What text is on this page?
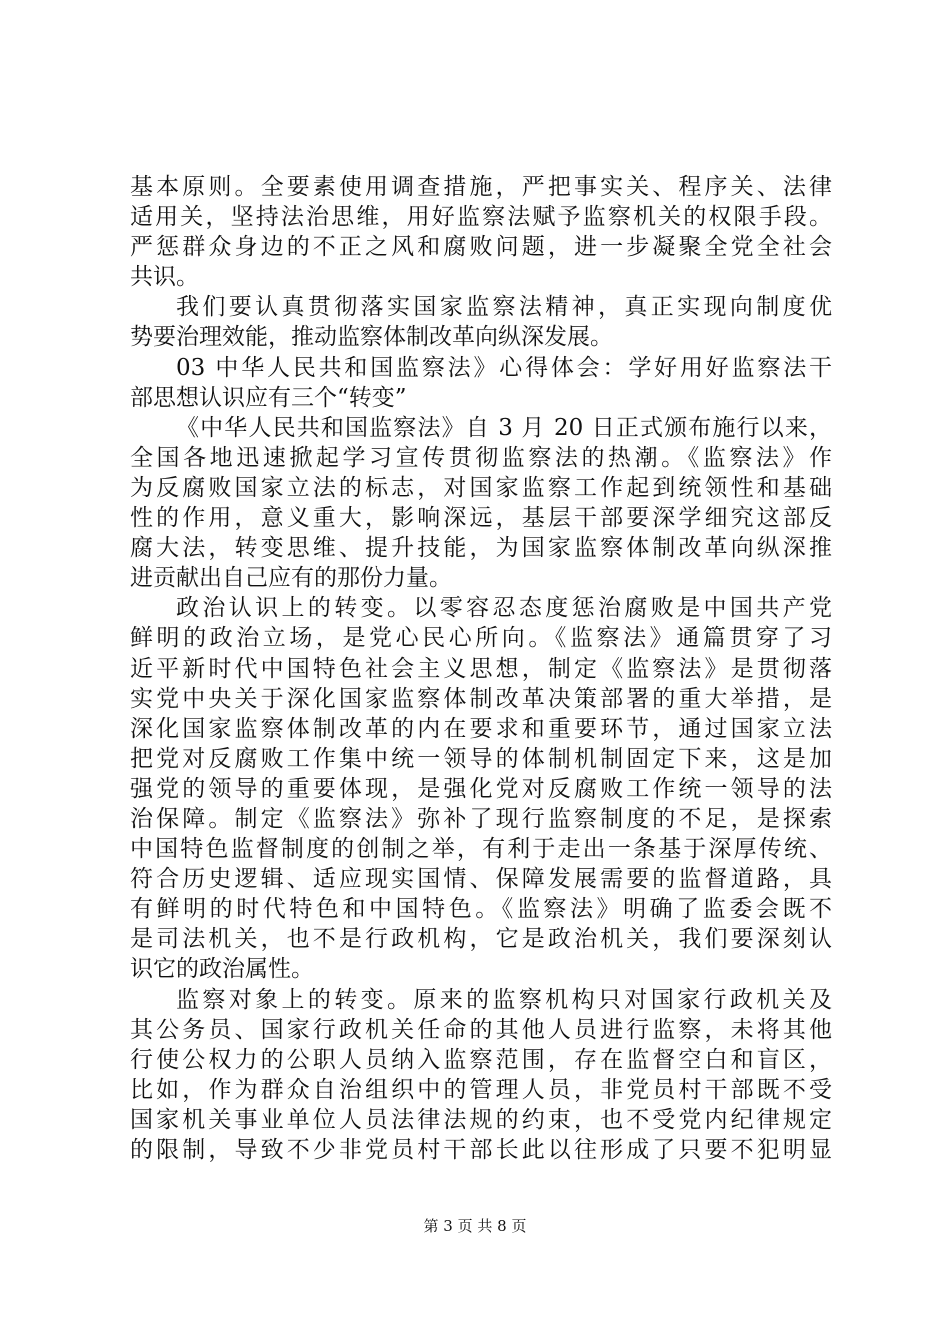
基本原则。全要素使用调查措施，严把事实关、程序关、法律
适用关，坚持法治思维，用好监察法赋予监察机关的权限手段。
严惩群众身边的不正之风和腐败问题，进一步凝聚全党全社会
共识。
我们要认真贯彻落实国家监察法精神，真正实现向制度优
势要治理效能，推动监察体制改革向纵深发展。
03 中华人民共和国监察法》心得体会：学好用好监察法干
部思想认识应有三个“转变”
《中华人民共和国监察法》自 3 月 20 日正式颁布施行以来，
全国各地迅速掀起学习宣传贯彻监察法的热潮。《监察法》作
为反腐败国家立法的标志，对国家监察工作起到统领性和基础
性的作用，意义重大，影响深远，基层干部要深学细究这部反
腐大法，转变思维、提升技能，为国家监察体制改革向纵深推
进贡献出自己应有的那份力量。
政治认识上的转变。以零容忍态度惩治腐败是中国共产党
鲜明的政治立场，是党心民心所向。《监察法》通篇贯穿了习
近平新时代中国特色社会主义思想，制定《监察法》是贯彻落
实党中央关于深化国家监察体制改革决策部署的重大举措，是
深化国家监察体制改革的内在要求和重要环节，通过国家立法
把党对反腐败工作集中统一领导的体制机制固定下来，这是加
强党的领导的重要体现，是强化党对反腐败工作统一领导的法
治保障。制定《监察法》弥补了现行监察制度的不足，是探索
中国特色监督制度的创制之举，有利于走出一条基于深厚传统、
符合历史逻辑、适应现实国情、保障发展需要的监督道路，具
有鲜明的时代特色和中国特色。《监察法》明确了监委会既不
是司法机关，也不是行政机构，它是政治机关，我们要深刻认
识它的政治属性。
监察对象上的转变。原来的监察机构只对国家行政机关及
其公务员、国家行政机关任命的其他人员进行监察，未将其他
行使公权力的公职人员纳入监察范围，存在监督空白和盲区，
比如，作为群众自治组织中的管理人员，非党员村干部既不受
国家机关事业单位人员法律法规的约束，也不受党内纪律规定
的限制，导致不少非党员村干部长此以往形成了只要不犯明显
第 3 页 共 8 页
